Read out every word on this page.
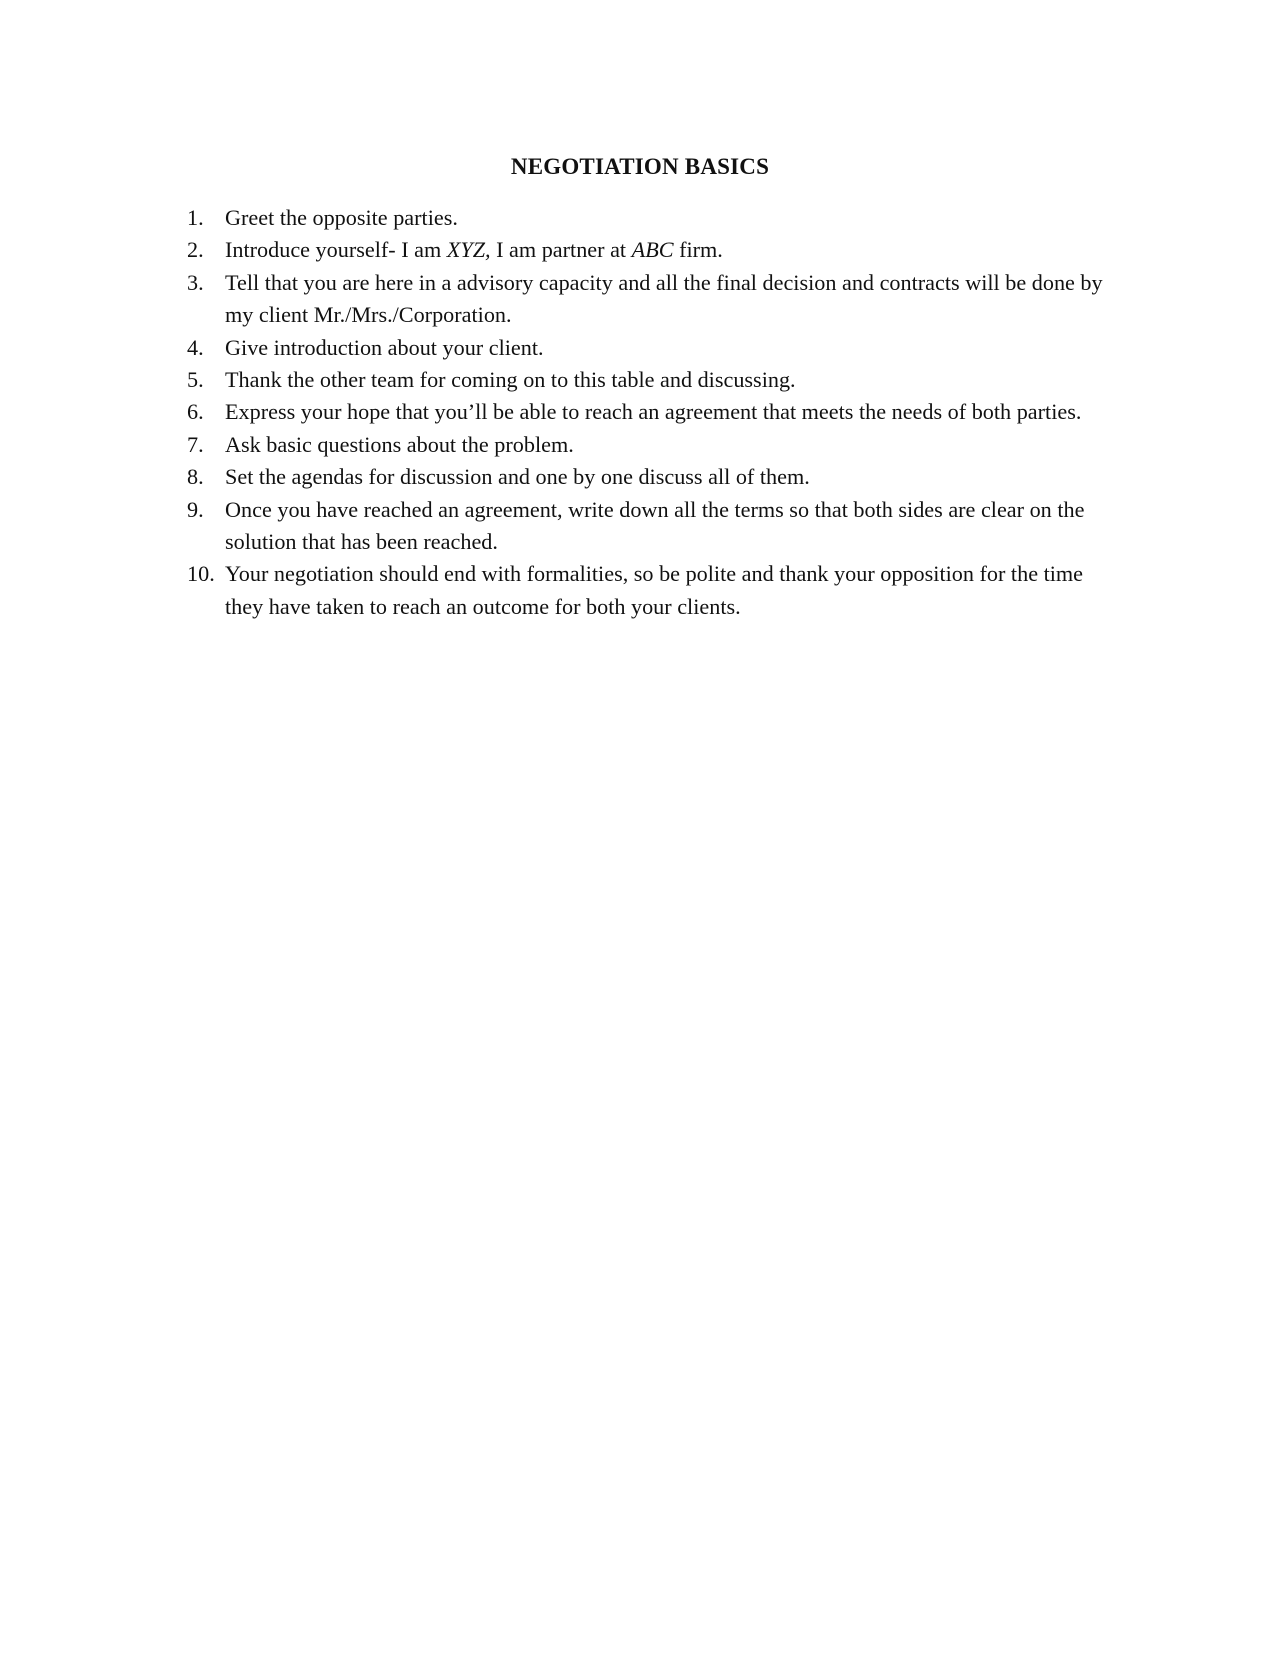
NEGOTIATION BASICS
1. Greet the opposite parties.
2. Introduce yourself- I am XYZ, I am partner at ABC firm.
3. Tell that you are here in a advisory capacity and all the final decision and contracts will be done by my client Mr./Mrs./Corporation.
4. Give introduction about your client.
5. Thank the other team for coming on to this table and discussing.
6. Express your hope that you’ll be able to reach an agreement that meets the needs of both parties.
7. Ask basic questions about the problem.
8. Set the agendas for discussion and one by one discuss all of them.
9. Once you have reached an agreement, write down all the terms so that both sides are clear on the solution that has been reached.
10. Your negotiation should end with formalities, so be polite and thank your opposition for the time they have taken to reach an outcome for both your clients.
